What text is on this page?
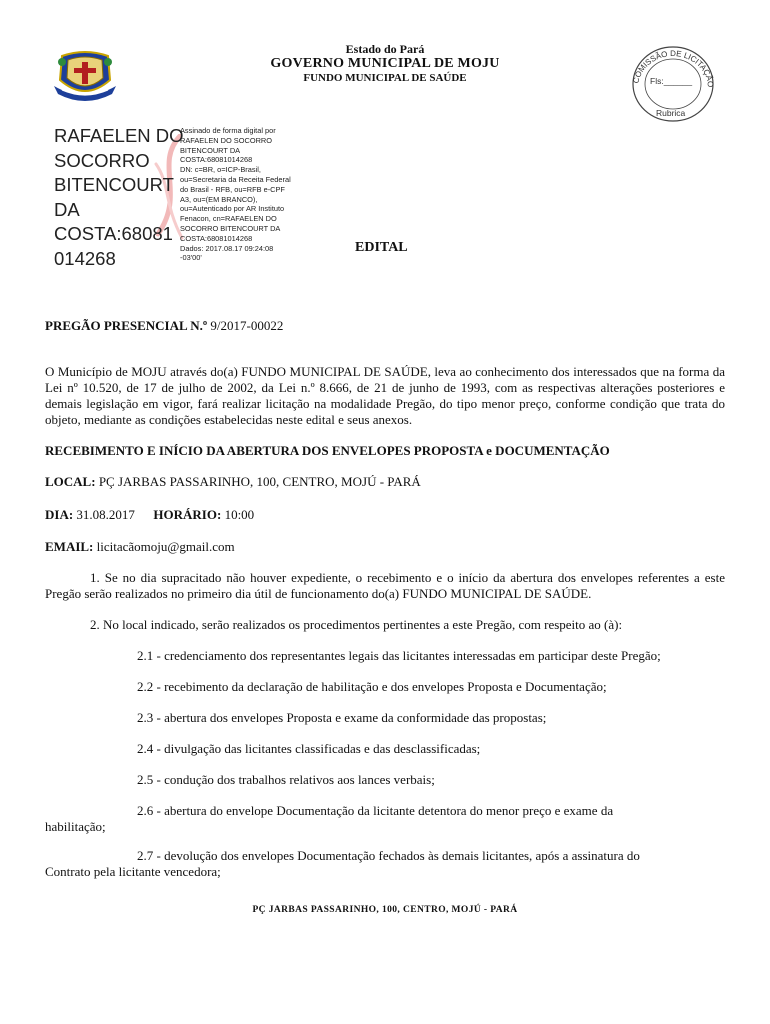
Estado do Pará
GOVERNO MUNICIPAL DE MOJU
FUNDO MUNICIPAL DE SAÚDE	COMISSÃO DE LICITAÇÃO
Fls:______
Rubrica
RAFAELEN DO
SOCORRO
BITENCOURT
DA
COSTA:68081
014268
Assinado de forma digital por
RAFAELEN DO SOCORRO
BITENCOURT DA
COSTA:68081014268
DN: c=BR, o=ICP-Brasil,
ou=Secretaria da Receita Federal
do Brasil - RFB, ou=RFB e-CPF
A3, ou=(EM BRANCO),
ou=Autenticado por AR Instituto
Fenacon, cn=RAFAELEN DO
SOCORRO BITENCOURT DA
COSTA:68081014268
Dados: 2017.08.17 09:24:08
-03'00'
EDITAL
PREGÃO PRESENCIAL N.º 9/2017-00022
O Município de MOJU através do(a) FUNDO MUNICIPAL DE SAÚDE, leva ao conhecimento dos interessados que na forma da Lei nº 10.520, de 17 de julho de 2002, da Lei n.º 8.666, de 21 de junho de 1993, com as respectivas alterações posteriores e demais legislação em vigor, fará realizar licitação na modalidade Pregão, do tipo menor preço, conforme condição que trata do objeto, mediante as condições estabelecidas neste edital e seus anexos.
RECEBIMENTO E INÍCIO DA ABERTURA DOS ENVELOPES PROPOSTA e DOCUMENTAÇÃO
LOCAL: PÇ JARBAS PASSARINHO, 100, CENTRO, MOJÚ - PARÁ
DIA: 31.08.2017 HORÁRIO: 10:00
EMAIL: licitacãomoju@gmail.com
1. Se no dia supracitado não houver expediente, o recebimento e o início da abertura dos envelopes referentes a este Pregão serão realizados no primeiro dia útil de funcionamento do(a) FUNDO MUNICIPAL DE SAÚDE.
2. No local indicado, serão realizados os procedimentos pertinentes a este Pregão, com respeito ao (à):
2.1 - credenciamento dos representantes legais das licitantes interessadas em participar deste Pregão;
2.2 - recebimento da declaração de habilitação e dos envelopes Proposta e Documentação;
2.3 - abertura dos envelopes Proposta e exame da conformidade das propostas;
2.4 - divulgação das licitantes classificadas e das desclassificadas;
2.5 - condução dos trabalhos relativos aos lances verbais;
2.6 - abertura do envelope Documentação da licitante detentora do menor preço e exame da
habilitação;
2.7 - devolução dos envelopes Documentação fechados às demais licitantes, após a assinatura do
Contrato pela licitante vencedora;
PÇ JARBAS PASSARINHO, 100, CENTRO, MOJÚ - PARÁ
